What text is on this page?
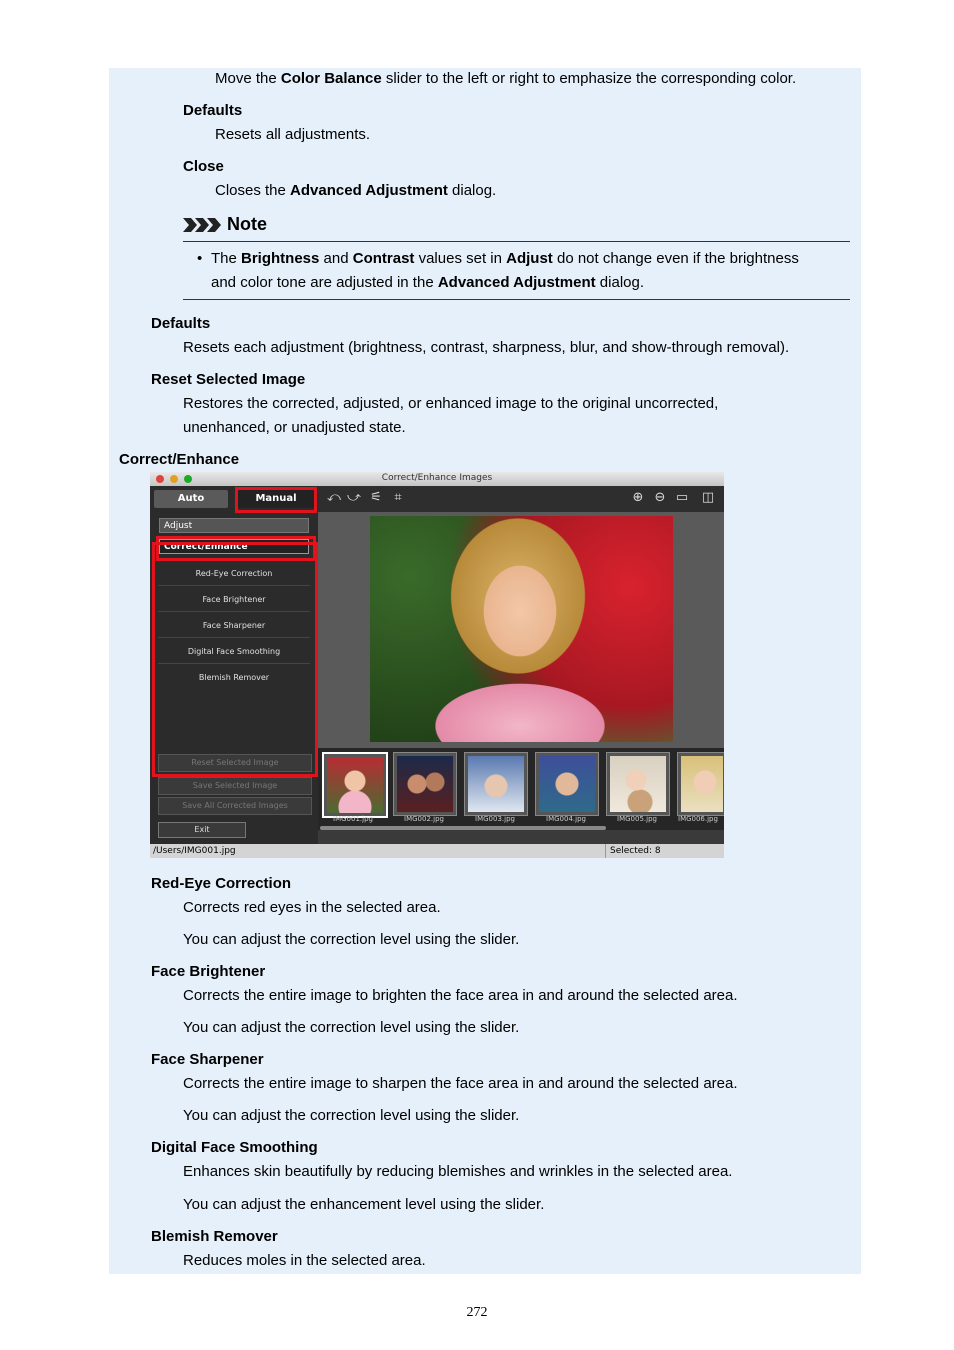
Move the Color Balance slider to the left or right to emphasize the corresponding color.
Defaults
Resets all adjustments.
Close
Closes the Advanced Adjustment dialog.
Note
• The Brightness and Contrast values set in Adjust do not change even if the brightness
and color tone are adjusted in the Advanced Adjustment dialog.
Defaults
Resets each adjustment (brightness, contrast, sharpness, blur, and show-through removal).
Reset Selected Image
Restores the corrected, adjusted, or enhanced image to the original uncorrected,
unenhanced, or unadjusted state.
Correct/Enhance
Correct/Enhance Images
Auto	Manual
Adjust
Correct/Enhance
Red-Eye Correction
Face Brightener
Face Sharpener
Digital Face Smoothing
Blemish Remover
Reset Selected Image
Save Selected Image
Save All Corrected Images
Exit
⤺ ⤻ ⚟ ⌗	⊕ ⊖ ▭ ◫
IMG001.jpg	IMG002.jpg	IMG003.jpg	IMG004.jpg	IMG005.jpg	IMG006.jpg
/Users/IMG001.jpg	Selected: 8
Red-Eye Correction
Corrects red eyes in the selected area.
You can adjust the correction level using the slider.
Face Brightener
Corrects the entire image to brighten the face area in and around the selected area.
You can adjust the correction level using the slider.
Face Sharpener
Corrects the entire image to sharpen the face area in and around the selected area.
You can adjust the correction level using the slider.
Digital Face Smoothing
Enhances skin beautifully by reducing blemishes and wrinkles in the selected area.
You can adjust the enhancement level using the slider.
Blemish Remover
Reduces moles in the selected area.
272
